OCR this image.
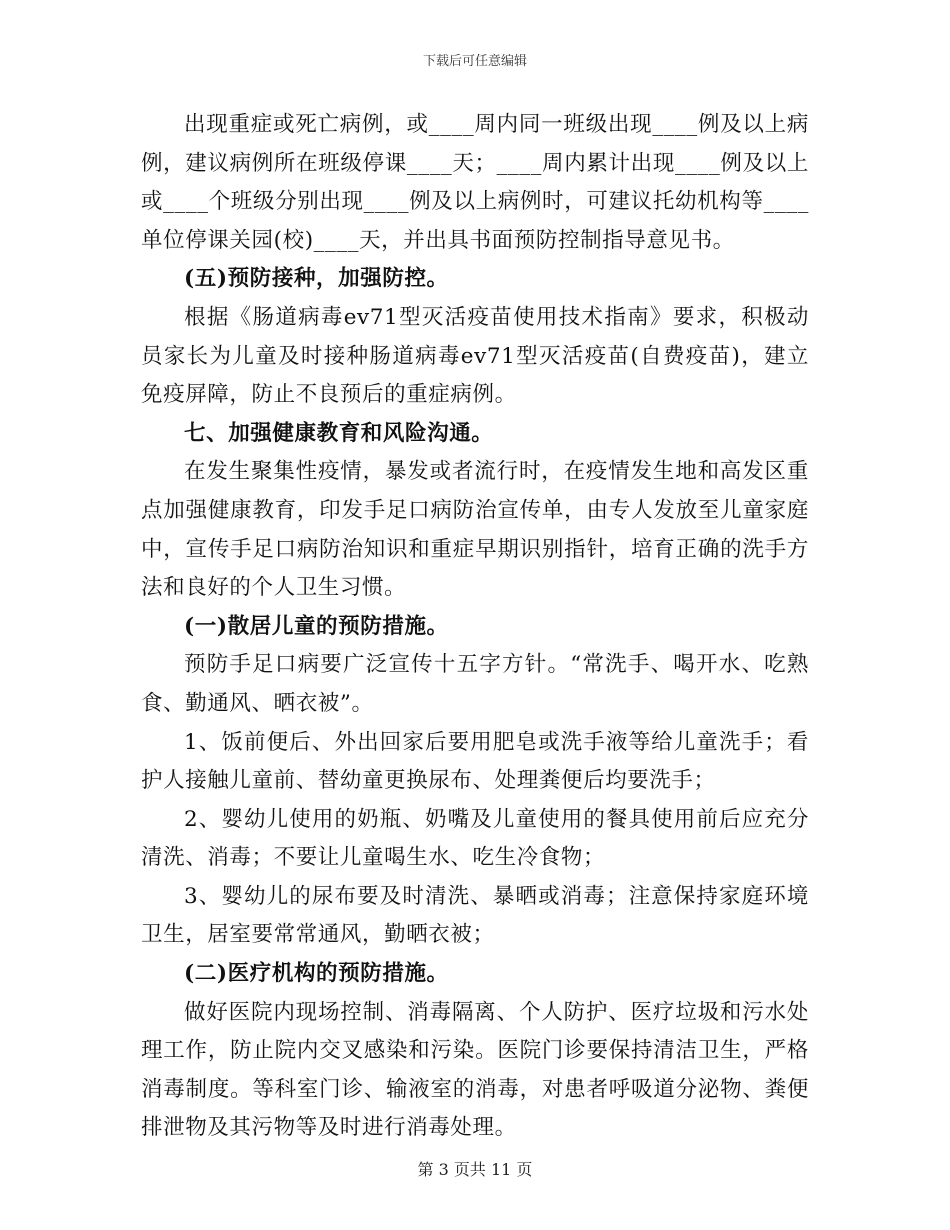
下载后可任意编辑

出现重症或死亡病例，或____周内同一班级出现____例及以上病例，建议病例所在班级停课____天；____周内累计出现____例及以上或____个班级分别出现____例及以上病例时，可建议托幼机构等____单位停课关园(校)____天，并出具书面预防控制指导意见书。

(五)预防接种，加强防控。

根据《肠道病毒ev71型灭活疫苗使用技术指南》要求，积极动员家长为儿童及时接种肠道病毒ev71型灭活疫苗(自费疫苗)，建立免疫屏障，防止不良预后的重症病例。

七、加强健康教育和风险沟通。

在发生聚集性疫情，暴发或者流行时，在疫情发生地和高发区重点加强健康教育，印发手足口病防治宣传单，由专人发放至儿童家庭中，宣传手足口病防治知识和重症早期识别指针，培育正确的洗手方法和良好的个人卫生习惯。

(一)散居儿童的预防措施。

预防手足口病要广泛宣传十五字方针。“常洗手、喝开水、吃熟食、勤通风、晒衣被”。

1、饭前便后、外出回家后要用肥皂或洗手液等给儿童洗手；看护人接触儿童前、替幼童更换尿布、处理粪便后均要洗手；

2、婴幼儿使用的奶瓶、奶嘴及儿童使用的餐具使用前后应充分清洗、消毒；不要让儿童喝生水、吃生冷食物；

3、婴幼儿的尿布要及时清洗、暴晒或消毒；注意保持家庭环境卫生，居室要常常通风，勤晒衣被；

(二)医疗机构的预防措施。

做好医院内现场控制、消毒隔离、个人防护、医疗垃圾和污水处理工作，防止院内交叉感染和污染。医院门诊要保持清洁卫生，严格消毒制度。等科室门诊、输液室的消毒，对患者呼吸道分泌物、粪便排泄物及其污物等及时进行消毒处理。

第 3 页共 11 页
